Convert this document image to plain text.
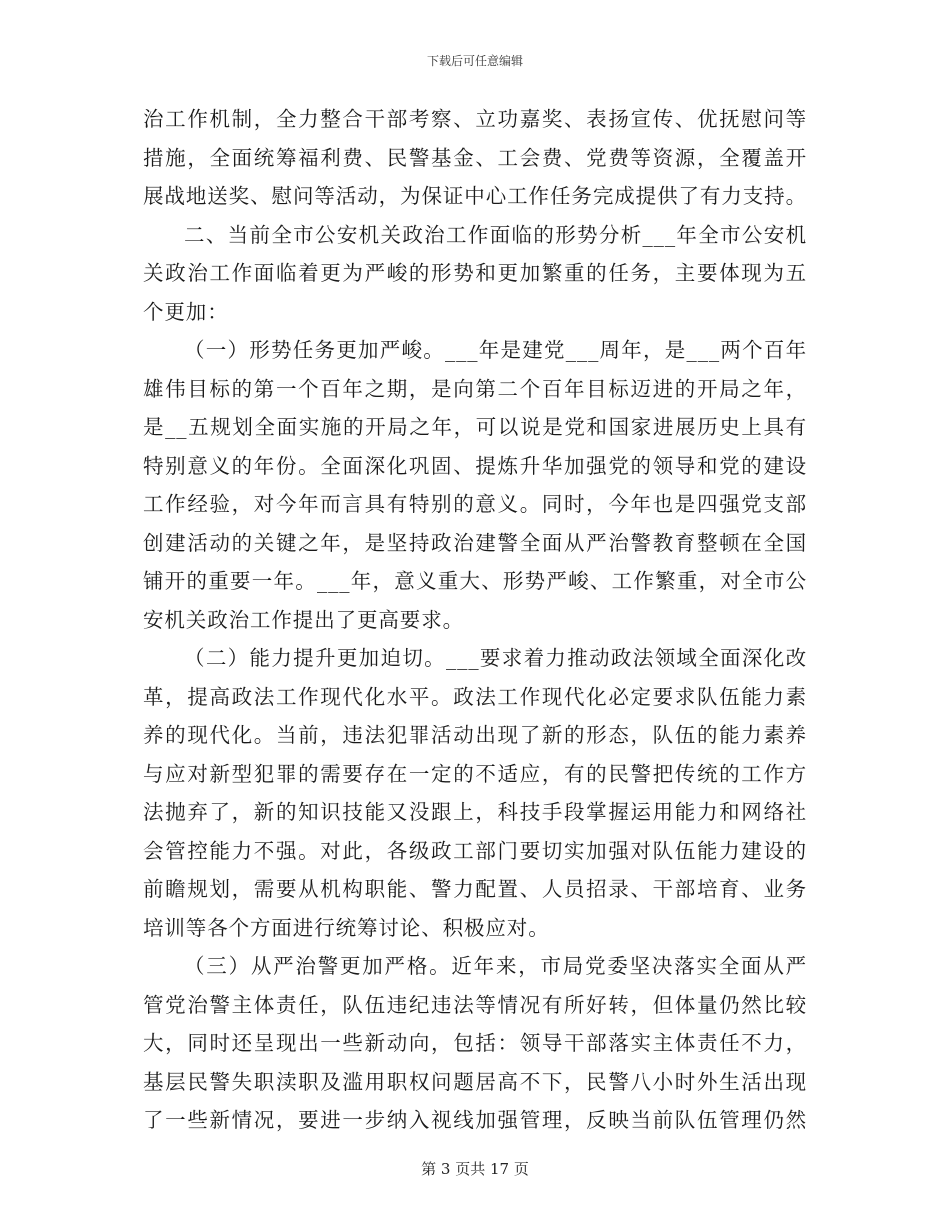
下载后可任意编辑
治工作机制，全力整合干部考察、立功嘉奖、表扬宣传、优抚慰问等
措施，全面统筹福利费、民警基金、工会费、党费等资源，全覆盖开
展战地送奖、慰问等活动，为保证中心工作任务完成提供了有力支持。
二、当前全市公安机关政治工作面临的形势分析___年全市公安机
关政治工作面临着更为严峻的形势和更加繁重的任务，主要体现为五
个更加：
（一）形势任务更加严峻。___年是建党___周年，是___两个百年
雄伟目标的第一个百年之期，是向第二个百年目标迈进的开局之年，
是__五规划全面实施的开局之年，可以说是党和国家进展历史上具有
特别意义的年份。全面深化巩固、提炼升华加强党的领导和党的建设
工作经验，对今年而言具有特别的意义。同时，今年也是四强党支部
创建活动的关键之年，是坚持政治建警全面从严治警教育整顿在全国
铺开的重要一年。___年，意义重大、形势严峻、工作繁重，对全市公
安机关政治工作提出了更高要求。
（二）能力提升更加迫切。___要求着力推动政法领域全面深化改
革，提高政法工作现代化水平。政法工作现代化必定要求队伍能力素
养的现代化。当前，违法犯罪活动出现了新的形态，队伍的能力素养
与应对新型犯罪的需要存在一定的不适应，有的民警把传统的工作方
法抛弃了，新的知识技能又没跟上，科技手段掌握运用能力和网络社
会管控能力不强。对此，各级政工部门要切实加强对队伍能力建设的
前瞻规划，需要从机构职能、警力配置、人员招录、干部培育、业务
培训等各个方面进行统筹讨论、积极应对。
（三）从严治警更加严格。近年来，市局党委坚决落实全面从严
管党治警主体责任，队伍违纪违法等情况有所好转，但体量仍然比较
大，同时还呈现出一些新动向，包括：领导干部落实主体责任不力，
基层民警失职渎职及滥用职权问题居高不下，民警八小时外生活出现
了一些新情况，要进一步纳入视线加强管理，反映当前队伍管理仍然
第 3 页共 17 页
